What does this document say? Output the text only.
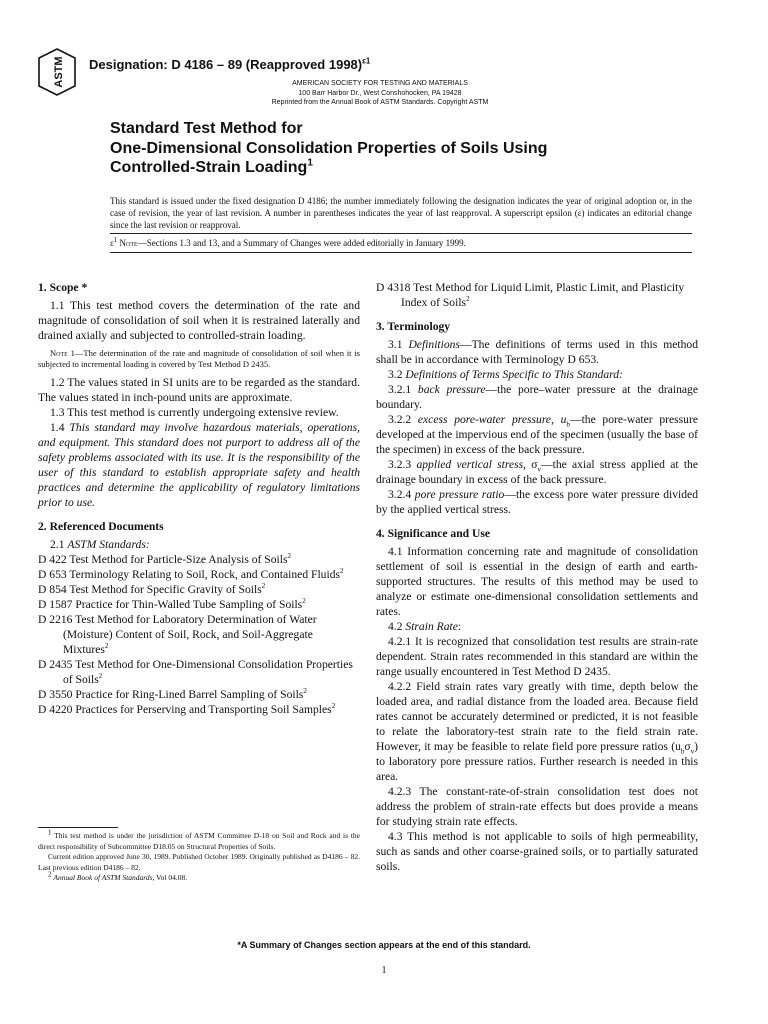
ASTM Designation: D 4186 – 89 (Reapproved 1998)$^{\varepsilon 1}$
AMERICAN SOCIETY FOR TESTING AND MATERIALS
100 Barr Harbor Dr., West Conshohocken, PA 19428
Reprinted from the Annual Book of ASTM Standards. Copyright ASTM
Standard Test Method for
One-Dimensional Consolidation Properties of Soils Using
Controlled-Strain Loading$^1$
This standard is issued under the fixed designation D 4186; the number immediately following the designation indicates the year of original adoption or, in the case of revision, the year of last revision. A number in parentheses indicates the year of last reapproval. A superscript epsilon (ε) indicates an editorial change since the last revision or reapproval.
$\varepsilon^1$ Note—Sections 1.3 and 13, and a Summary of Changes were added editorially in January 1999.

1. Scope *

1.1 This test method covers the determination of the rate and magnitude of consolidation of soil when it is restrained laterally and drained axially and subjected to controlled-strain loading.

Note 1—The determination of the rate and magnitude of consolidation of soil when it is subjected to incremental loading is covered by Test Method D 2435.

1.2 The values stated in SI units are to be regarded as the standard. The values stated in inch-pound units are approximate.

1.3 This test method is currently undergoing extensive review.

1.4 This standard may involve hazardous materials, operations, and equipment. This standard does not purport to address all of the safety problems associated with its use. It is the responsibility of the user of this standard to establish appropriate safety and health practices and determine the applicability of regulatory limitations prior to use.

2. Referenced Documents

2.1 ASTM Standards:

D 422 Test Method for Particle-Size Analysis of Soils$^2$

D 653 Terminology Relating to Soil, Rock, and Contained Fluids$^2$

D 854 Test Method for Specific Gravity of Soils$^2$

D 1587 Practice for Thin-Walled Tube Sampling of Soils$^2$

D 2216 Test Method for Laboratory Determination of Water (Moisture) Content of Soil, Rock, and Soil-Aggregate Mixtures$^2$

D 2435 Test Method for One-Dimensional Consolidation Properties of Soils$^2$

D 3550 Practice for Ring-Lined Barrel Sampling of Soils$^2$

D 4220 Practices for Perserving and Transporting Soil Samples$^2$

$^1$ This test method is under the jurisdiction of ASTM Committee D-18 on Soil and Rock and is the direct responsibility of Subcommittee D18.05 on Structural Properties of Soils.

Current edition approved June 30, 1989. Published October 1989. Originally published as D4186 – 82. Last previous edition D4186 – 82.

$^2$ Annual Book of ASTM Standards, Vol 04.08.

D 4318 Test Method for Liquid Limit, Plastic Limit, and Plasticity Index of Soils$^2$

3. Terminology

3.1 Definitions—The definitions of terms used in this method shall be in accordance with Terminology D 653.

3.2 Definitions of Terms Specific to This Standard:

3.2.1 back pressure—the pore–water pressure at the drainage boundary.

3.2.2 excess pore-water pressure, $u_b—the$ pore-water pressure developed at the impervious end of the specimen (usually the base of the specimen) in excess of the back pressure.

3.2.3 applied vertical stress, $\sigma_v—the$ axial stress applied at the drainage boundary in excess of the back pressure.

3.2.4 pore pressure ratio—the excess pore water pressure divided by the applied vertical stress.

4. Significance and Use

4.1 Information concerning rate and magnitude of consolidation settlement of soil is essential in the design of earth and earth-supported structures. The results of this method may be used to analyze or estimate one-dimensional consolidation settlements and rates.

4.2 Strain Rate:

4.2.1 It is recognized that consolidation test results are strain-rate dependent. Strain rates recommended in this standard are within the range usually encountered in Test Method D 2435.

4.2.2 Field strain rates vary greatly with time, depth below the loaded area, and radial distance from the loaded area. Because field rates cannot be accurately determined or predicted, it is not feasible to relate the laboratory-test strain rate to the field strain rate. However, it may be feasible to relate field pore pressure ratios $(u_b\sigma_v)$ to laboratory pore pressure ratios. Further research is needed in this area.

4.2.3 The constant-rate-of-strain consolidation test does not address the problem of strain-rate effects but does provide a means for studying strain rate effects.

4.3 This method is not applicable to soils of high permeability, such as sands and other coarse-grained soils, or to partially saturated soils.

*A Summary of Changes section appears at the end of this standard.
1
